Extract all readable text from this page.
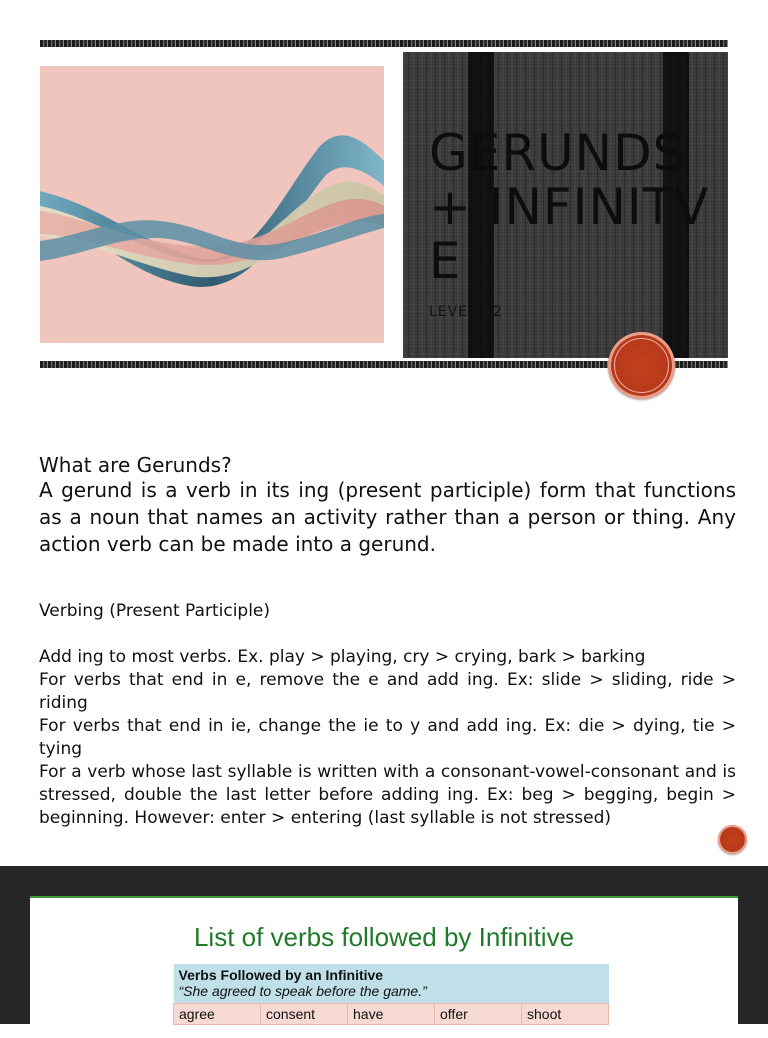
GERUNDS + INFINITVE
LEVEL A2
What are Gerunds?
A gerund is a verb in its ing (present participle) form that functions as a noun that names an activity rather than a person or thing. Any action verb can be made into a gerund.
Verbing (Present Participle)

Add ing to most verbs. Ex. play > playing, cry > crying, bark > barking

For verbs that end in e, remove the e and add ing. Ex: slide > sliding, ride > riding

For verbs that end in ie, change the ie to y and add ing. Ex: die > dying, tie > tying

For a verb whose last syllable is written with a consonant-vowel-consonant and is stressed, double the last letter before adding ing. Ex: beg > begging, begin > beginning. However: enter > entering (last syllable is not stressed)

List of verbs followed by Infinitive
Verbs Followed by an Infinitive
“She agreed to speak before the game.”

agree	consent	have	offer	shoot
